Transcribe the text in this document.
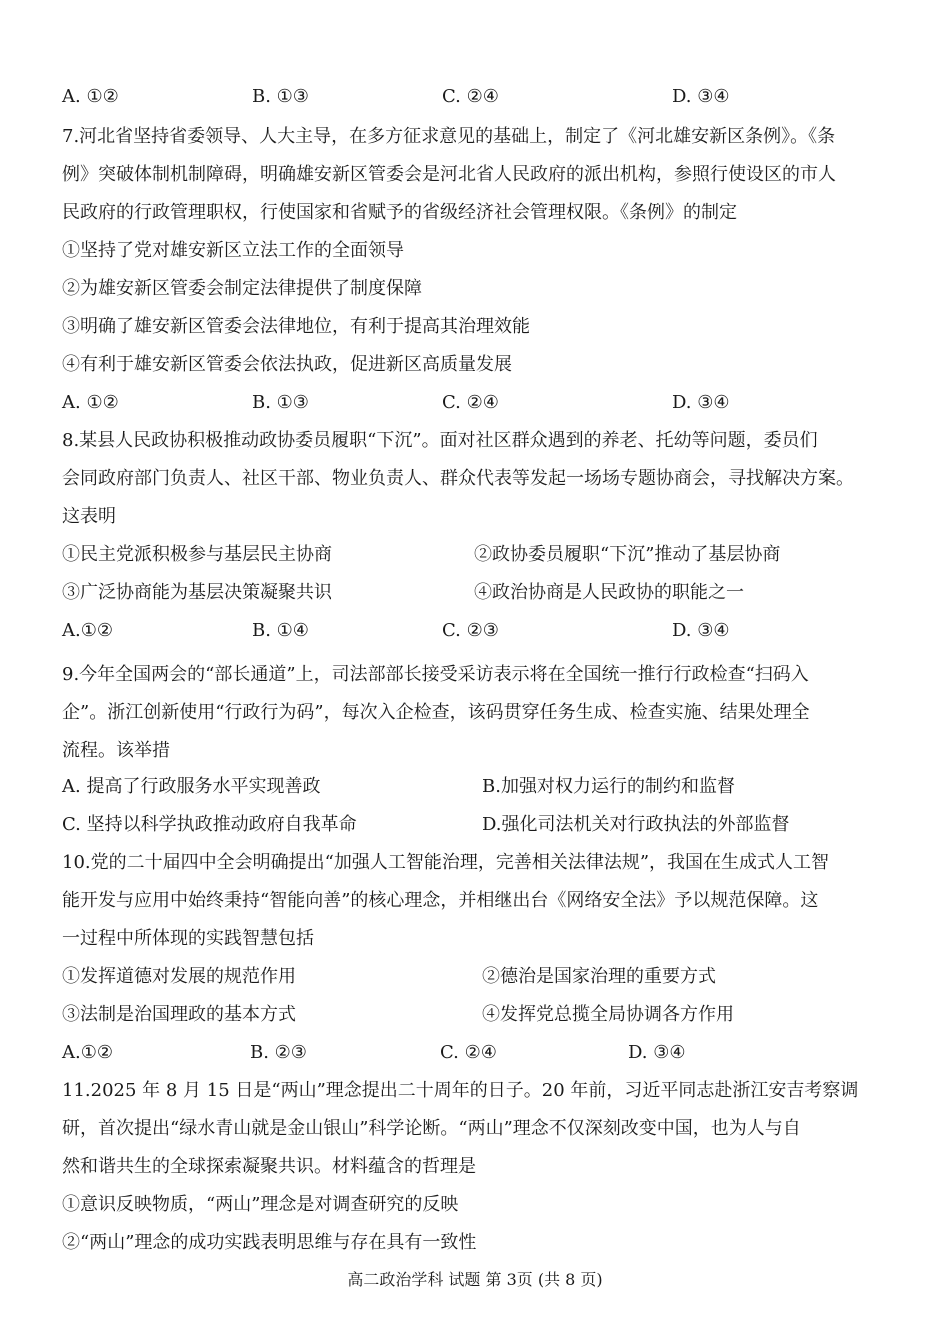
A. ①②	B. ①③	C. ②④	D. ③④
7.河北省坚持省委领导、人大主导，在多方征求意见的基础上，制定了《河北雄安新区条例》。《条
例》突破体制机制障碍，明确雄安新区管委会是河北省人民政府的派出机构，参照行使设区的市人
民政府的行政管理职权，行使国家和省赋予的省级经济社会管理权限。《条例》的制定
①坚持了党对雄安新区立法工作的全面领导
②为雄安新区管委会制定法律提供了制度保障
③明确了雄安新区管委会法律地位，有利于提高其治理效能
④有利于雄安新区管委会依法执政，促进新区高质量发展
A. ①②	B. ①③	C. ②④	D. ③④
8.某县人民政协积极推动政协委员履职“下沉”。面对社区群众遇到的养老、托幼等问题，委员们
会同政府部门负责人、社区干部、物业负责人、群众代表等发起一场场专题协商会，寻找解决方案。
这表明
①民主党派积极参与基层民主协商	②政协委员履职“下沉”推动了基层协商
③广泛协商能为基层决策凝聚共识	④政治协商是人民政协的职能之一
A.①②	B. ①④	C. ②③	D. ③④
9.今年全国两会的“部长通道”上，司法部部长接受采访表示将在全国统一推行行政检查“扫码入
企”。浙江创新使用“行政行为码”，每次入企检查，该码贯穿任务生成、检查实施、结果处理全
流程。该举措
A. 提高了行政服务水平实现善政	B.加强对权力运行的制约和监督
C. 坚持以科学执政推动政府自我革命	D.强化司法机关对行政执法的外部监督
10.党的二十届四中全会明确提出“加强人工智能治理，完善相关法律法规”，我国在生成式人工智
能开发与应用中始终秉持“智能向善”的核心理念，并相继出台《网络安全法》予以规范保障。这
一过程中所体现的实践智慧包括
①发挥道德对发展的规范作用	②德治是国家治理的重要方式
③法制是治国理政的基本方式	④发挥党总揽全局协调各方作用
A.①②	B. ②③	C. ②④	D. ③④
11.2025 年 8 月 15 日是“两山”理念提出二十周年的日子。20 年前，习近平同志赴浙江安吉考察调
研，首次提出“绿水青山就是金山银山”科学论断。“两山”理念不仅深刻改变中国，也为人与自
然和谐共生的全球探索凝聚共识。材料蕴含的哲理是
①意识反映物质，“两山”理念是对调查研究的反映
②“两山”理念的成功实践表明思维与存在具有一致性
高二政治学科 试题 第 3页 (共 8 页)
